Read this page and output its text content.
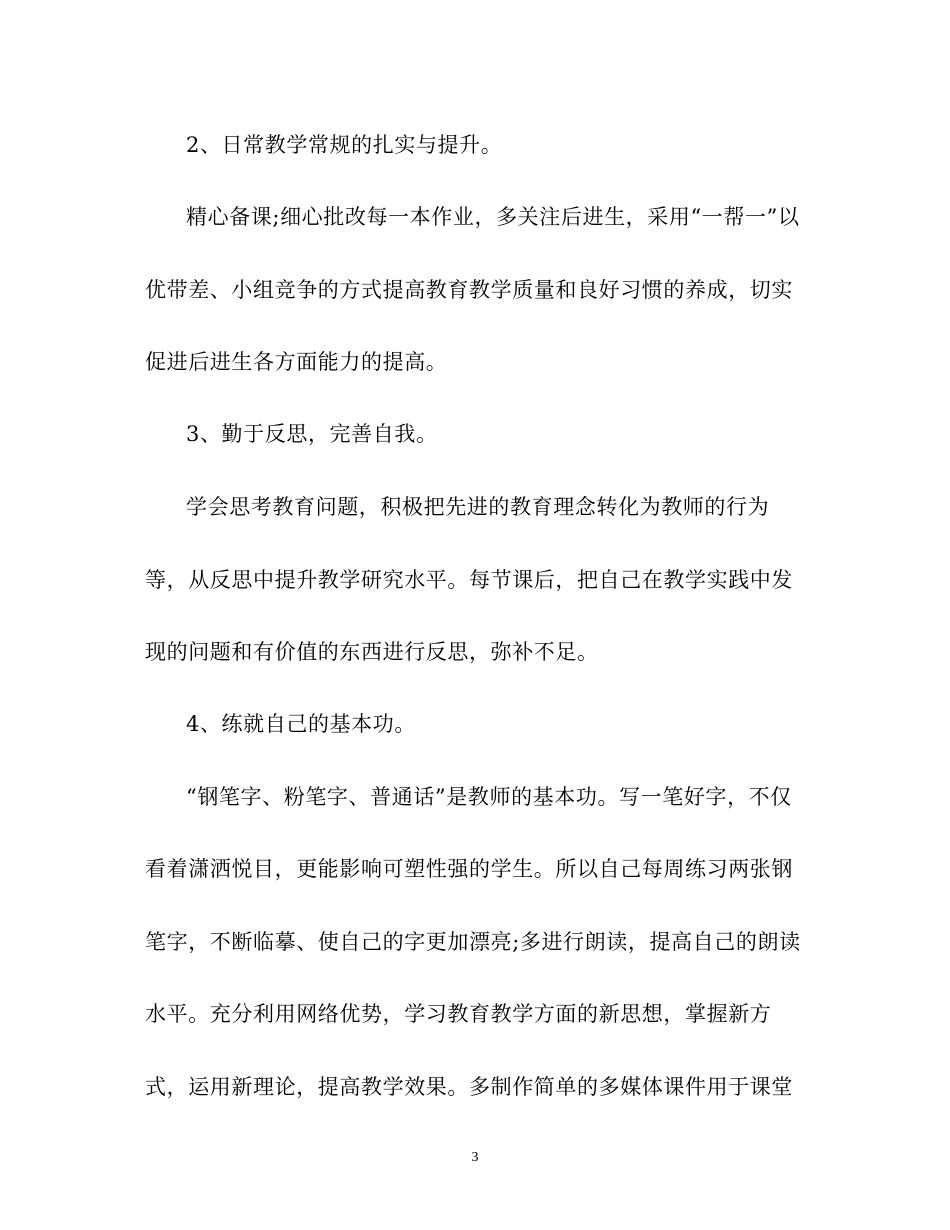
2、日常教学常规的扎实与提升。
精心备课;细心批改每一本作业，多关注后进生，采用“一帮一”以
优带差、小组竞争的方式提高教育教学质量和良好习惯的养成，切实
促进后进生各方面能力的提高。
3、勤于反思，完善自我。
学会思考教育问题，积极把先进的教育理念转化为教师的行为
等，从反思中提升教学研究水平。每节课后，把自己在教学实践中发
现的问题和有价值的东西进行反思，弥补不足。
4、练就自己的基本功。
“钢笔字、粉笔字、普通话”是教师的基本功。写一笔好字，不仅
看着潇洒悦目，更能影响可塑性强的学生。所以自己每周练习两张钢
笔字，不断临摹、使自己的字更加漂亮;多进行朗读，提高自己的朗读
水平。充分利用网络优势，学习教育教学方面的新思想，掌握新方
式，运用新理论，提高教学效果。多制作简单的多媒体课件用于课堂
3
